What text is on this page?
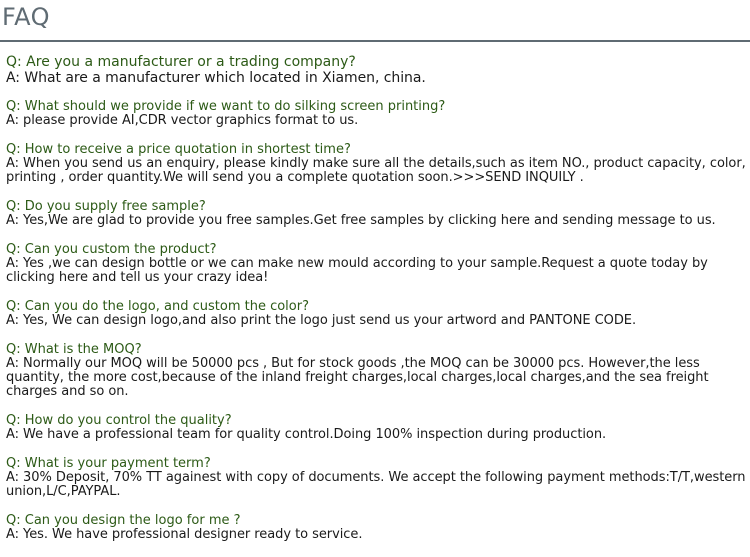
FAQ
Q: Are you a manufacturer or a trading company?
A: What are a manufacturer which located in Xiamen, china.
Q: What should we provide if we want to do silking screen printing?
A: please provide AI,CDR vector graphics format to us.
Q: How to receive a price quotation in shortest time?
A: When you send us an enquiry, please kindly make sure all the details,such as item NO., product capacity, color, printing , order quantity.We will send you a complete quotation soon.>>>SEND INQUILY .
Q: Do you supply free sample?
A: Yes,We are glad to provide you free samples.Get free samples by clicking here and sending message to us.
Q: Can you custom the product?
A: Yes ,we can design bottle or we can make new mould according to your sample.Request a quote today by clicking here and tell us your crazy idea!
Q: Can you do the logo, and custom the color?
A: Yes, We can design logo,and also print the logo just send us your artword and PANTONE CODE.
Q: What is the MOQ?
A: Normally our MOQ will be 50000 pcs , But for stock goods ,the MOQ can be 30000 pcs. However,the less quantity, the more cost,because of the inland freight charges,local charges,local charges,and the sea freight charges and so on.
Q: How do you control the quality?
A: We have a professional team for quality control.Doing 100% inspection during production.
Q: What is your payment term?
A: 30% Deposit, 70% TT againest with copy of documents. We accept the following payment methods:T/T,western union,L/C,PAYPAL.
Q: Can you design the logo for me ?
A: Yes. We have professional designer ready to service.
